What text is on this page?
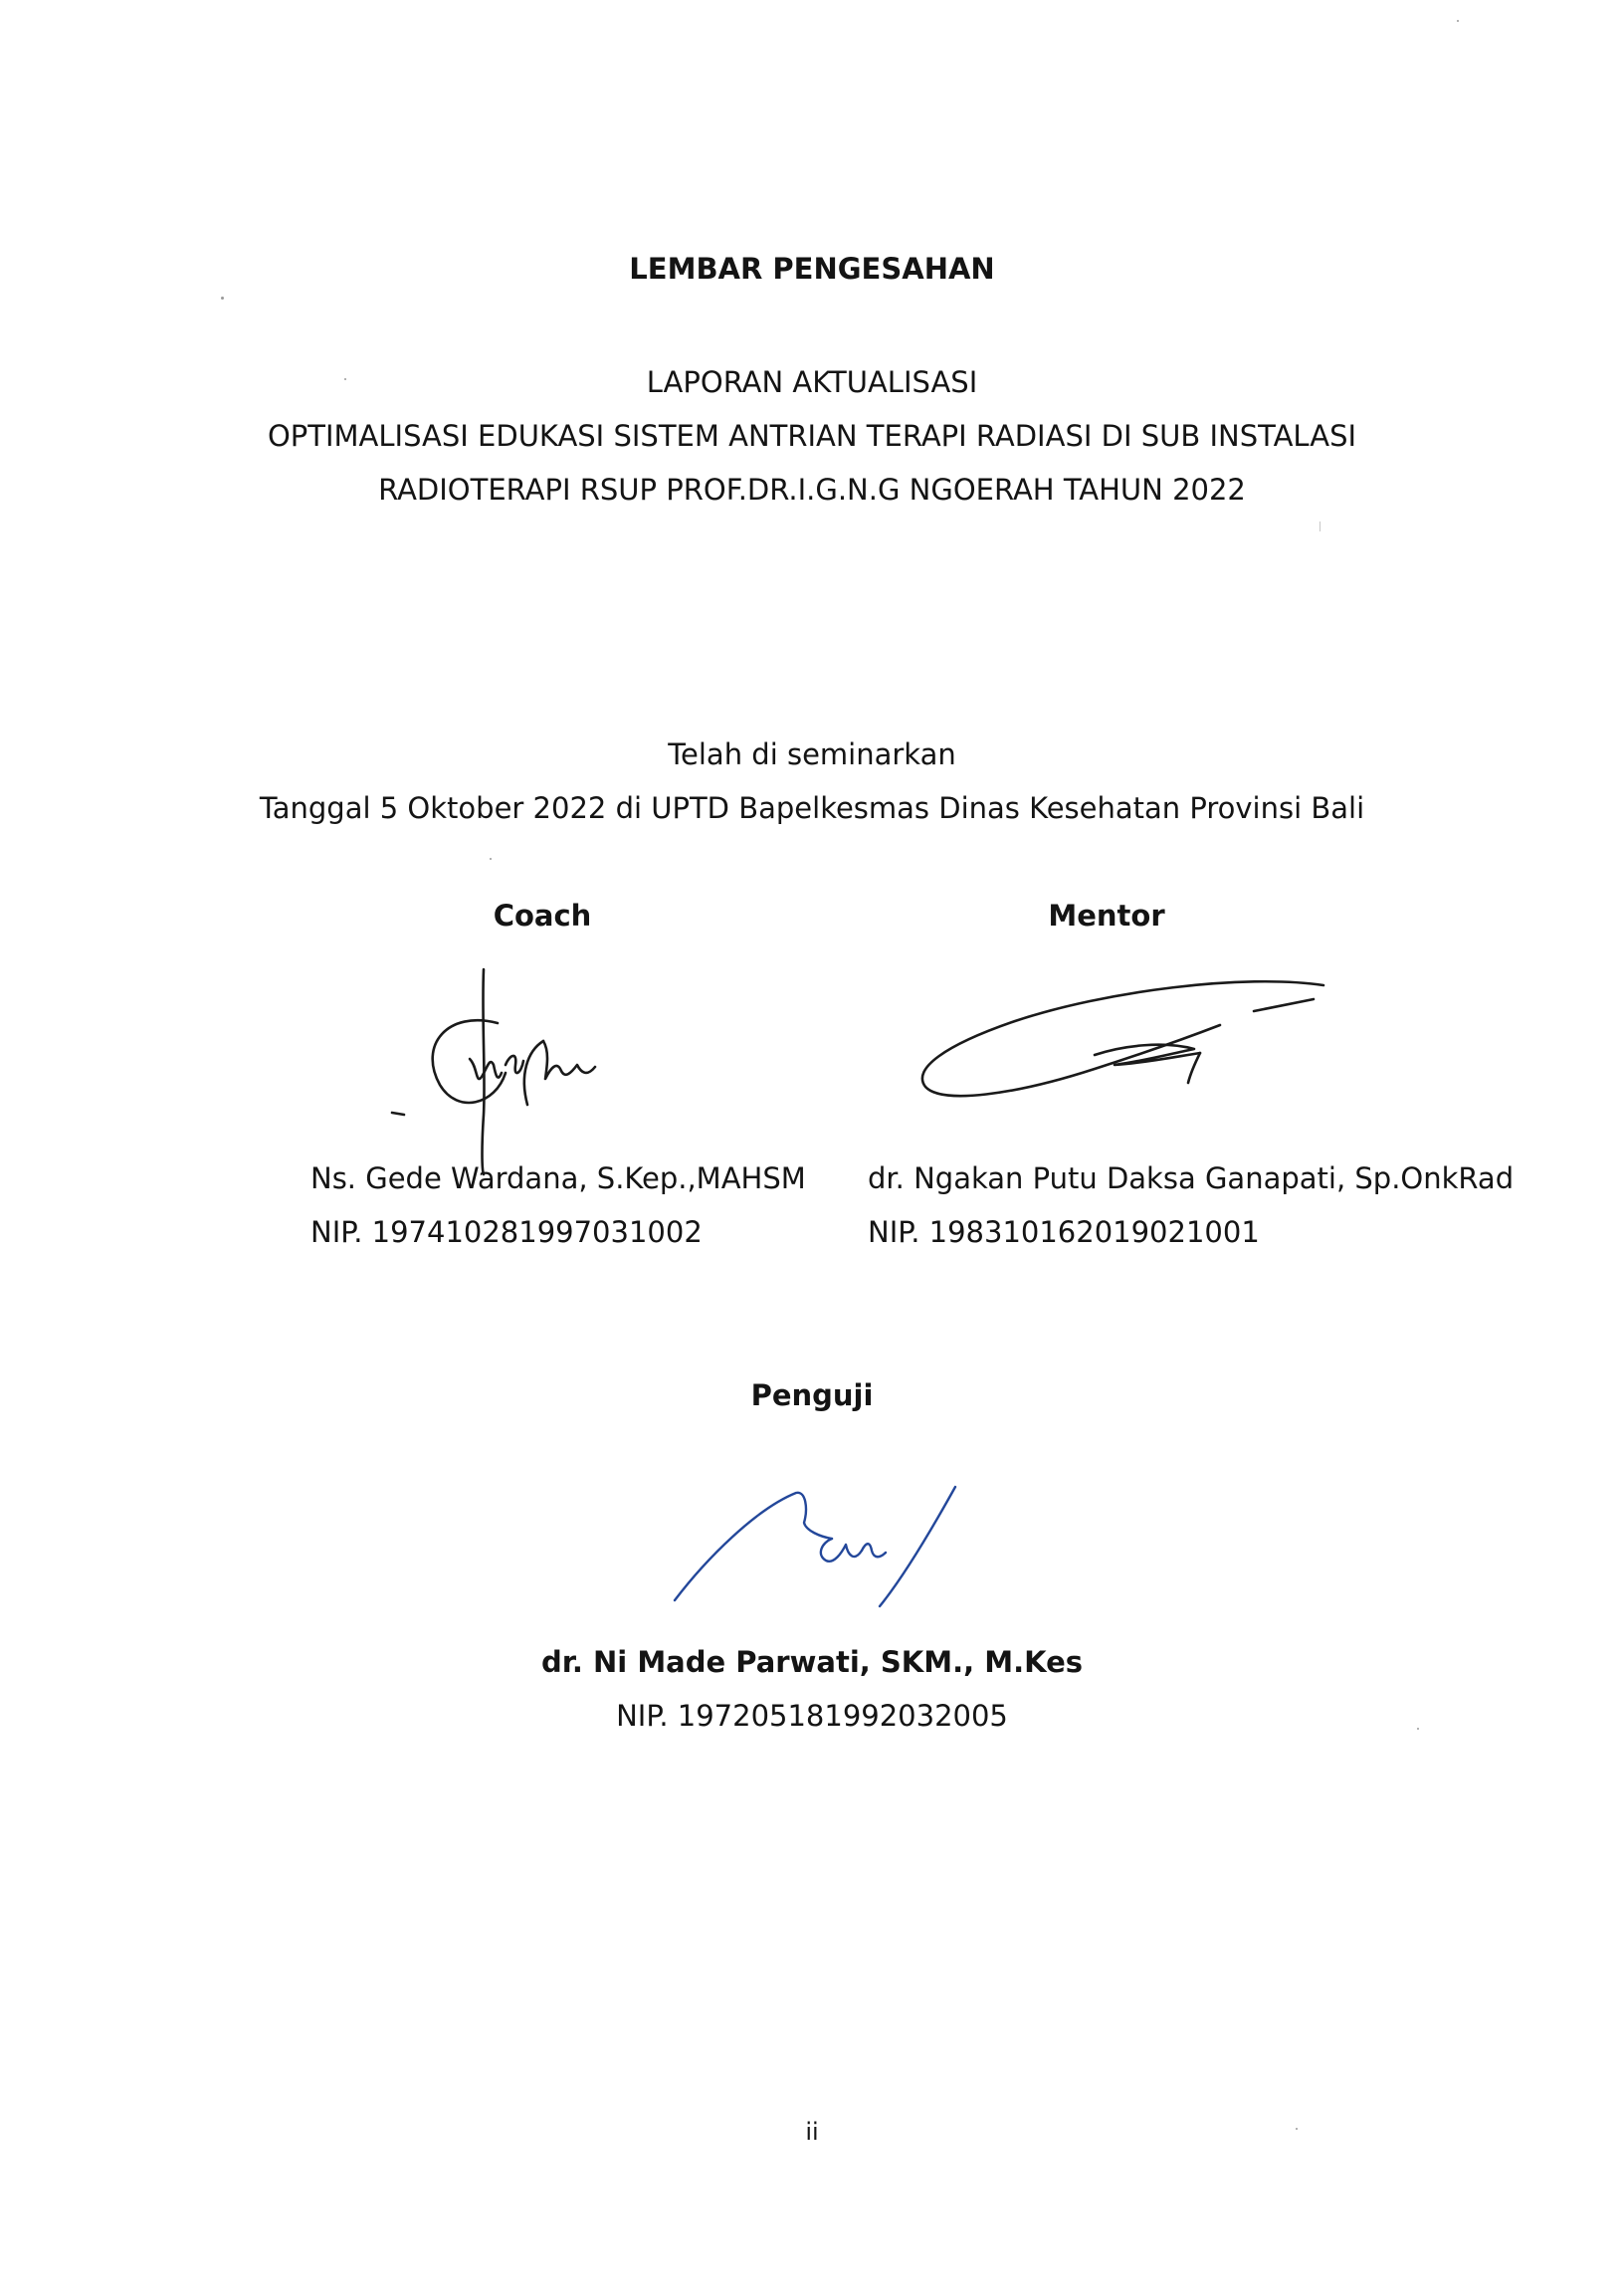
LEMBAR PENGESAHAN
LAPORAN AKTUALISASI
OPTIMALISASI EDUKASI SISTEM ANTRIAN TERAPI RADIASI DI SUB INSTALASI
RADIOTERAPI RSUP PROF.DR.I.G.N.G NGOERAH TAHUN 2022
Telah di seminarkan
Tanggal 5 Oktober 2022 di UPTD Bapelkesmas Dinas Kesehatan Provinsi Bali
Coach
Ns. Gede Wardana, S.Kep.,MAHSM
NIP. 197410281997031002
Mentor
dr. Ngakan Putu Daksa Ganapati, Sp.OnkRad
NIP. 198310162019021001
Penguji
dr. Ni Made Parwati, SKM., M.Kes
NIP. 197205181992032005
ii
